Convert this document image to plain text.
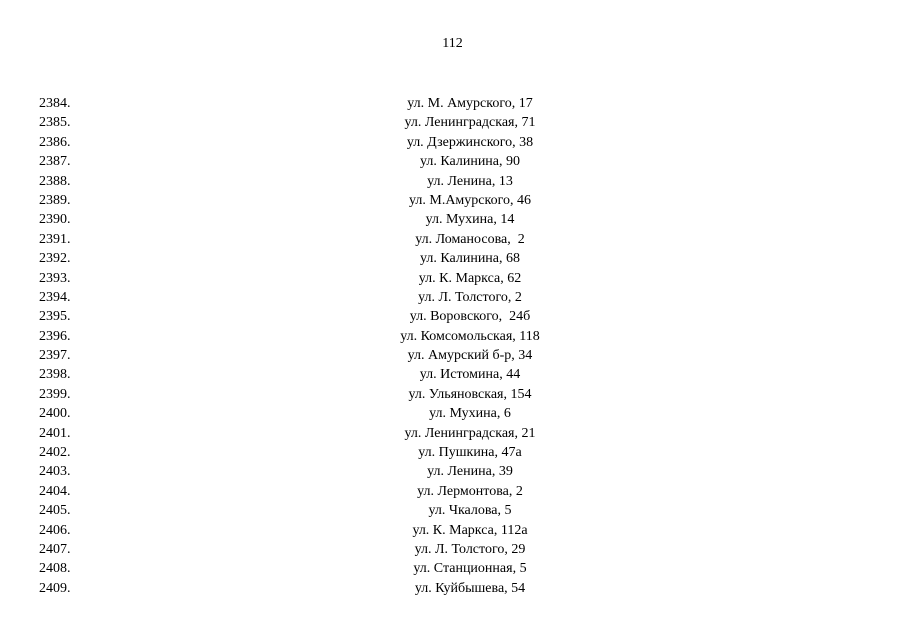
112
2384.	ул. М. Амурского, 17
2385.	ул. Ленинградская, 71
2386.	ул. Дзержинского, 38
2387.	ул. Калинина, 90
2388.	ул. Ленина, 13
2389.	ул. М.Амурского, 46
2390.	ул. Мухина, 14
2391.	ул. Ломаносова,  2
2392.	ул. Калинина, 68
2393.	ул. К. Маркса, 62
2394.	ул. Л. Толстого, 2
2395.	ул. Воровского,  24б
2396.	ул. Комсомольская, 118
2397.	ул. Амурский б-р, 34
2398.	ул. Истомина, 44
2399.	ул. Ульяновская, 154
2400.	ул. Мухина, 6
2401.	ул. Ленинградская, 21
2402.	ул. Пушкина, 47а
2403.	ул. Ленина, 39
2404.	ул. Лермонтова, 2
2405.	ул. Чкалова, 5
2406.	ул. К. Маркса, 112а
2407.	ул. Л. Толстого, 29
2408.	ул. Станционная, 5
2409.	ул. Куйбышева, 54
